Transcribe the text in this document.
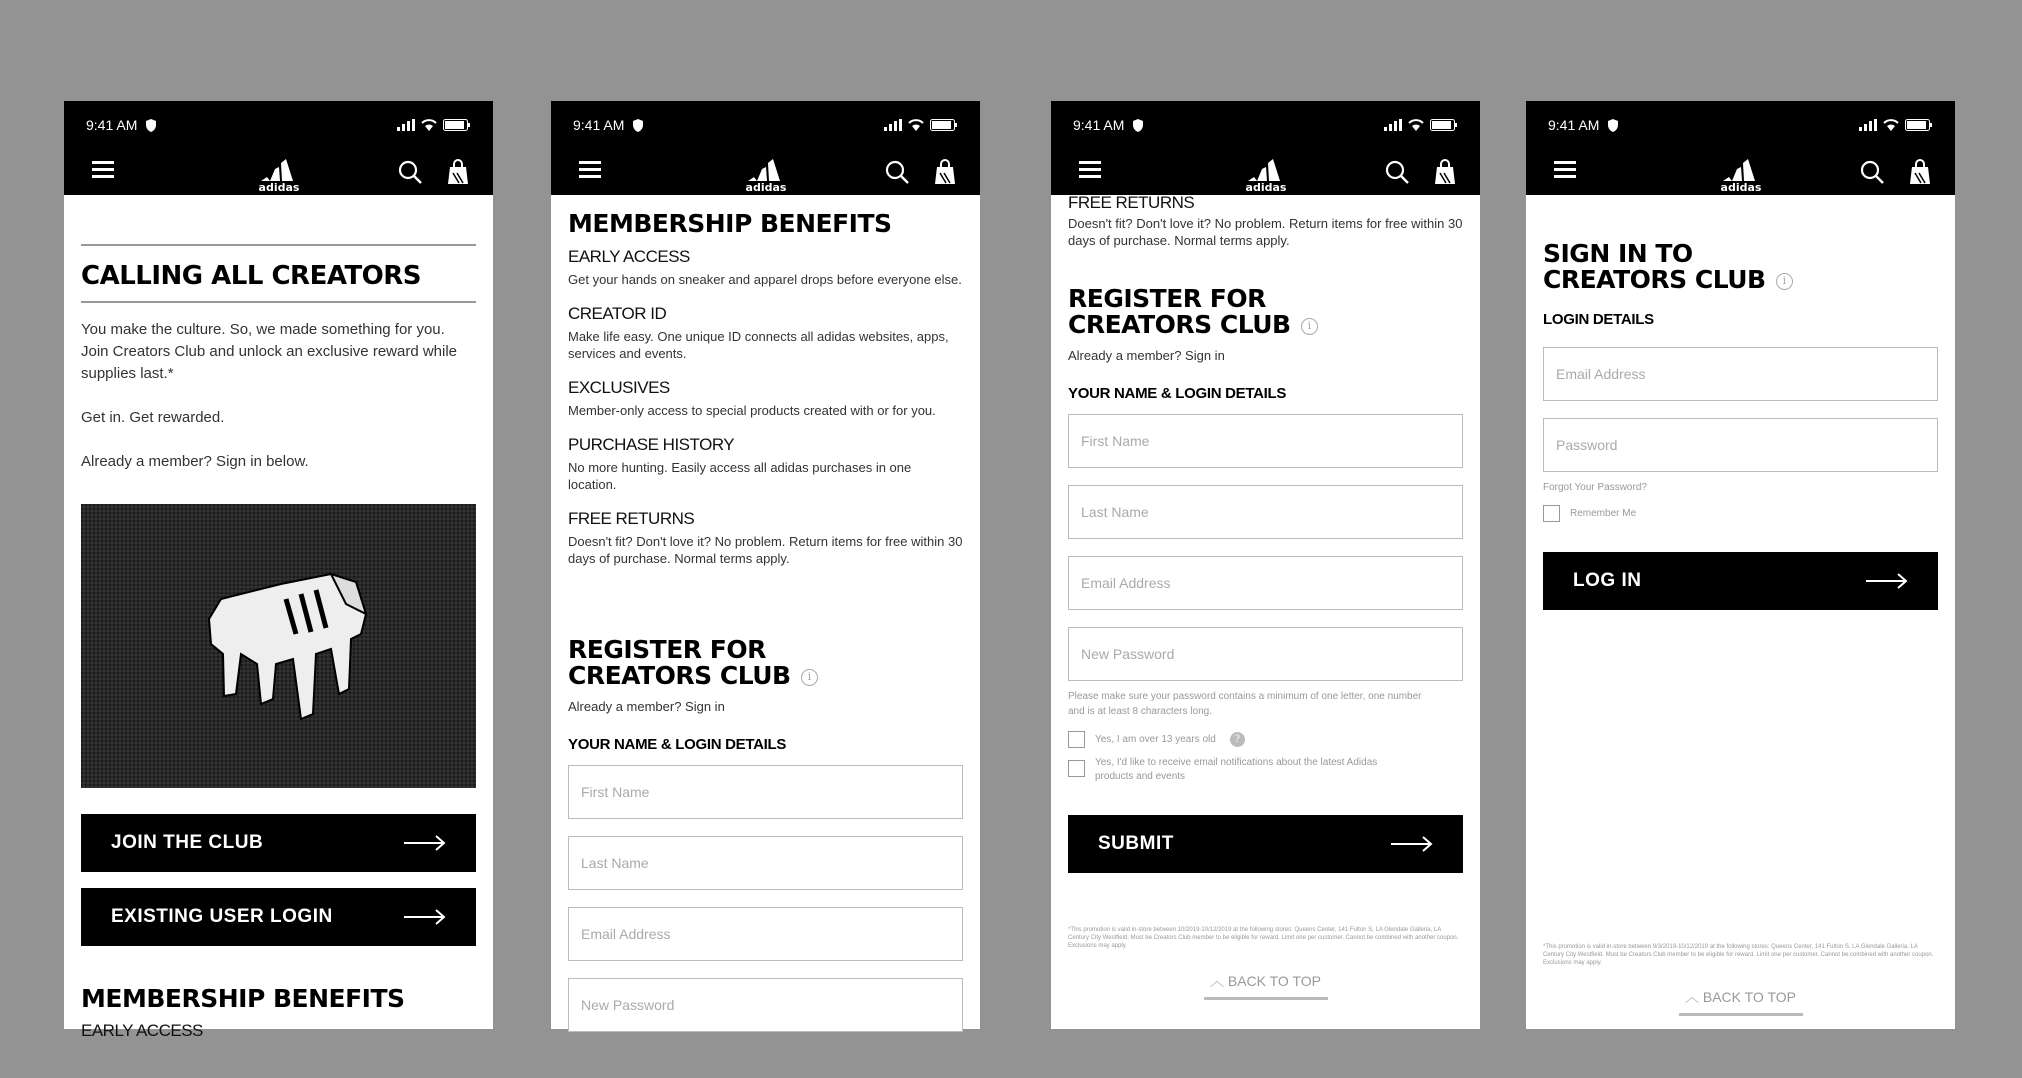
9:41 AM
adidas
CALLING ALL CREATORS
You make the culture. So, we made something for you. Join Creators Club and unlock an exclusive reward while supplies last.*
Get in. Get rewarded.
Already a member? Sign in below.
JOIN THE CLUB
EXISTING USER LOGIN
MEMBERSHIP BENEFITS
EARLY ACCESS
9:41 AM
adidas
MEMBERSHIP BENEFITS
EARLY ACCESS
Get your hands on sneaker and apparel drops before everyone else.
CREATOR ID
Make life easy. One unique ID connects all adidas websites, apps, services and events.
EXCLUSIVES
Member-only access to special products created with or for you.
PURCHASE HISTORY
No more hunting. Easily access all adidas purchases in one location.
FREE RETURNS
Doesn't fit? Don't love it? No problem. Return items for free within 30 days of purchase. Normal terms apply.
REGISTER FOR
CREATORS CLUB i
Already a member? Sign in
YOUR NAME & LOGIN DETAILS
First Name
Last Name
Email Address
New Password
9:41 AM
adidas
FREE RETURNS
Doesn't fit? Don't love it? No problem. Return items for free within 30 days of purchase. Normal terms apply.
REGISTER FOR
CREATORS CLUB i
Already a member? Sign in
YOUR NAME & LOGIN DETAILS
First Name
Last Name
Email Address
New Password
Please make sure your password contains a minimum of one letter, one number and is at least 8 characters long.
Yes, I am over 13 years old	?
Yes, I'd like to receive email notifications about the latest Adidas products and events
SUBMIT
*This promotion is valid in-store between 10/2019-10/12/2019 at the following stores: Queens Center, 141 Fulton S, LA Glendale Galleria, LA Century City Westfield. Must be Creators Club member to be eligible for reward. Limit one per customer. Cannot be combined with another coupon. Exclusions may apply.
︿ BACK TO TOP
9:41 AM
adidas
SIGN IN TO
CREATORS CLUB i
LOGIN DETAILS
Email Address
Password
Forgot Your Password?
Remember Me
LOG IN
*This promotion is valid in-store between 9/3/2019-10/12/2019 at the following stores: Queens Center, 141 Fulton S, LA Glendale Galleria, LA Century City Westfield. Must be Creators Club member to be eligible for reward. Limit one per customer. Cannot be combined with another coupon. Exclusions may apply.
︿ BACK TO TOP
